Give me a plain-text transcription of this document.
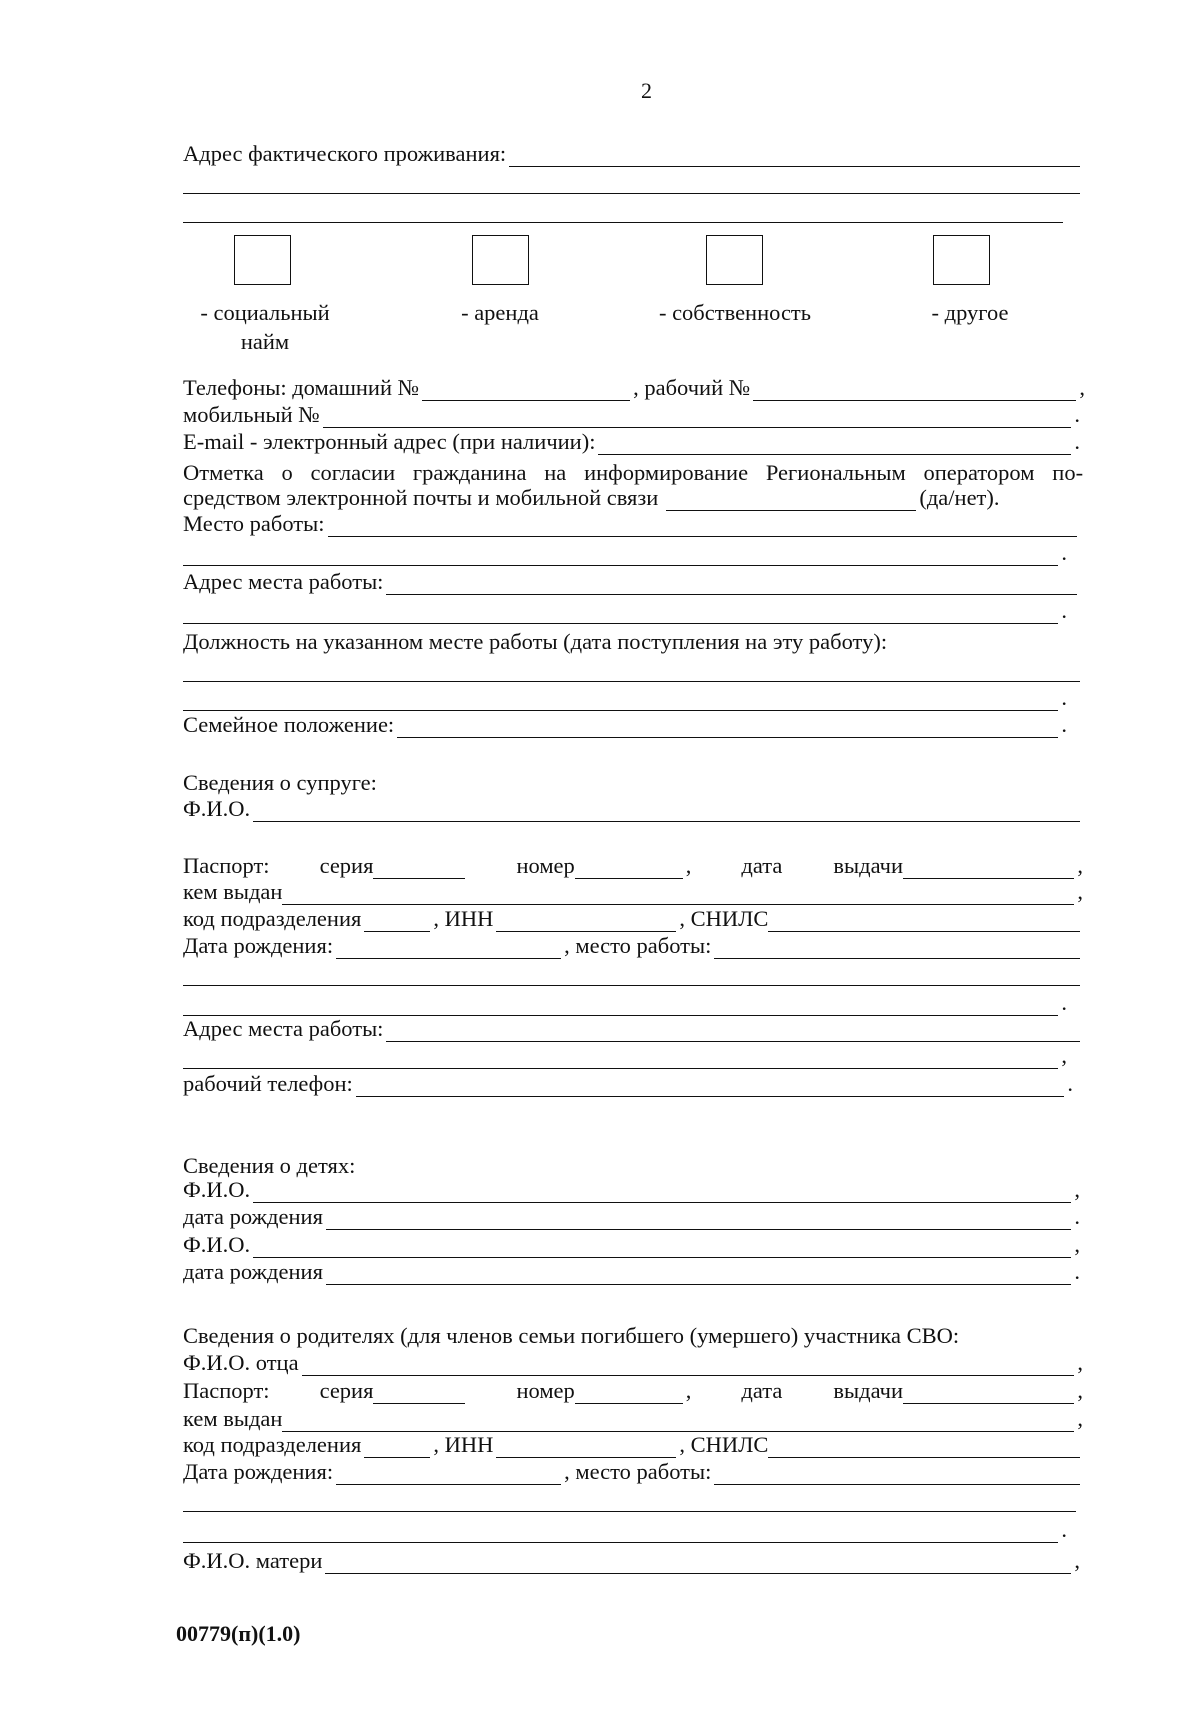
2
Адрес фактического проживания:
- социальный
найм
- аренда	- собственность	- другое
Телефоны: домашний №	, рабочий №	,
мобильный №	.
E-mail - электронный адрес (при наличии):	.
Отметка о согласии гражданина на информирование Региональным оператором по-
средством электронной почты и мобильной связи	(да/нет).
Место работы:
.
Адрес места работы:
.
Должность на указанном месте работы (дата поступления на эту работу):
.
Семейное положение:	.
Сведения о супруге:
Ф.И.О.
Паспорт: серия	номер	, дата выдачи	,
кем выдан	,
код подразделения	, ИНН	, СНИЛС
Дата рождения:	, место работы:
.
Адрес места работы:
,
рабочий телефон:	.
Сведения о детях:
Ф.И.О.	,
дата рождения	.
Ф.И.О.	,
дата рождения	.
Сведения о родителях (для членов семьи погибшего (умершего) участника СВО:
Ф.И.О. отца	,
Паспорт: серия	номер	, дата выдачи	,
кем выдан	,
код подразделения	, ИНН	, СНИЛС
Дата рождения:	, место работы:
.
Ф.И.О. матери	,
00779(п)(1.0)
